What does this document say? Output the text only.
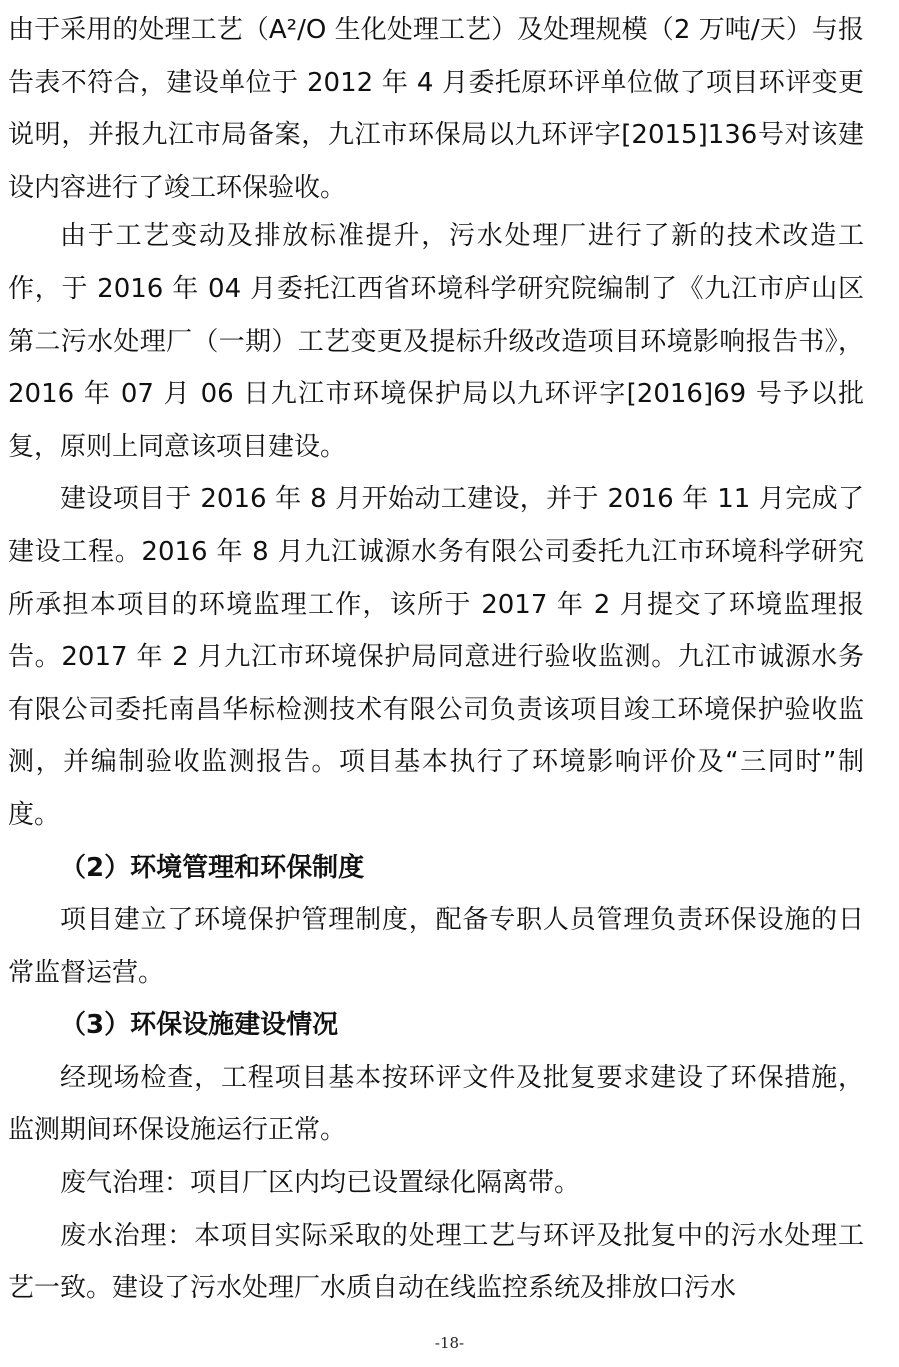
由于采用的处理工艺（A²/O 生化处理工艺）及处理规模（2 万吨/天）与报告表不符合，建设单位于 2012 年 4 月委托原环评单位做了项目环评变更说明，并报九江市局备案，九江市环保局以九环评字[2015]136号对该建设内容进行了竣工环保验收。

由于工艺变动及排放标准提升，污水处理厂进行了新的技术改造工作，于 2016 年 04 月委托江西省环境科学研究院编制了《九江市庐山区第二污水处理厂（一期）工艺变更及提标升级改造项目环境影响报告书》，2016 年 07 月 06 日九江市环境保护局以九环评字[2016]69 号予以批复，原则上同意该项目建设。

建设项目于 2016 年 8 月开始动工建设，并于 2016 年 11 月完成了建设工程。2016 年 8 月九江诚源水务有限公司委托九江市环境科学研究所承担本项目的环境监理工作，该所于 2017 年 2 月提交了环境监理报告。2017 年 2 月九江市环境保护局同意进行验收监测。九江市诚源水务有限公司委托南昌华标检测技术有限公司负责该项目竣工环境保护验收监测，并编制验收监测报告。项目基本执行了环境影响评价及“三同时”制度。

（2）环境管理和环保制度

项目建立了环境保护管理制度，配备专职人员管理负责环保设施的日常监督运营。

（3）环保设施建设情况

经现场检查，工程项目基本按环评文件及批复要求建设了环保措施，监测期间环保设施运行正常。

废气治理：项目厂区内均已设置绿化隔离带。

废水治理：本项目实际采取的处理工艺与环评及批复中的污水处理工艺一致。建设了污水处理厂水质自动在线监控系统及排放口污水

-18-
